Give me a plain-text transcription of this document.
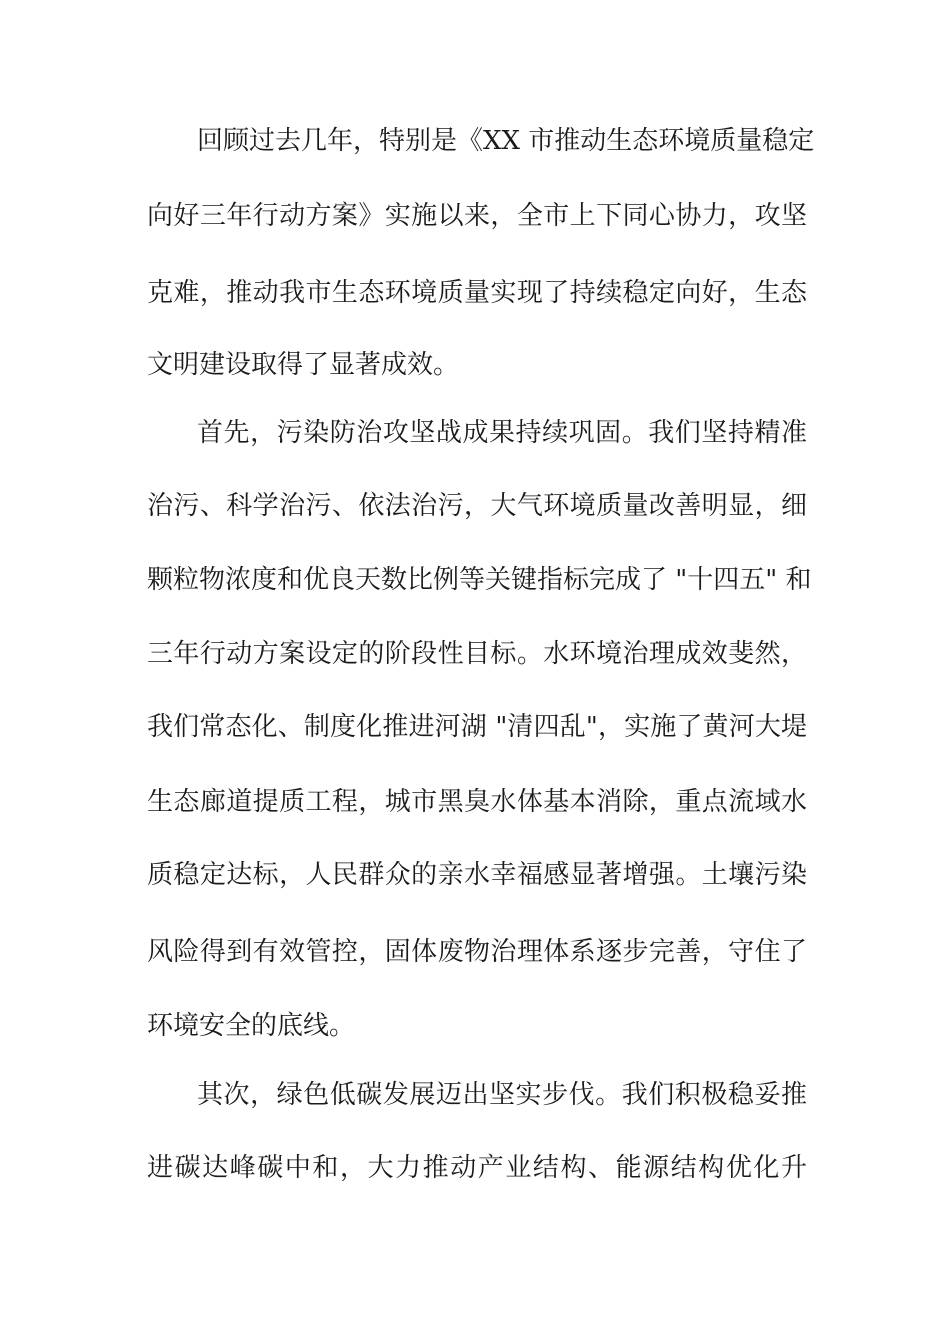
回顾过去几年，特别是《XX 市推动生态环境质量稳定
向好三年行动方案》实施以来，全市上下同心协力，攻坚
克难，推动我市生态环境质量实现了持续稳定向好，生态
文明建设取得了显著成效。
首先，污染防治攻坚战成果持续巩固。我们坚持精准
治污、科学治污、依法治污，大气环境质量改善明显，细
颗粒物浓度和优良天数比例等关键指标完成了 "十四五" 和
三年行动方案设定的阶段性目标。水环境治理成效斐然，
我们常态化、制度化推进河湖 "清四乱"，实施了黄河大堤
生态廊道提质工程，城市黑臭水体基本消除，重点流域水
质稳定达标，人民群众的亲水幸福感显著增强。土壤污染
风险得到有效管控，固体废物治理体系逐步完善，守住了
环境安全的底线。
其次，绿色低碳发展迈出坚实步伐。我们积极稳妥推
进碳达峰碳中和，大力推动产业结构、能源结构优化升
